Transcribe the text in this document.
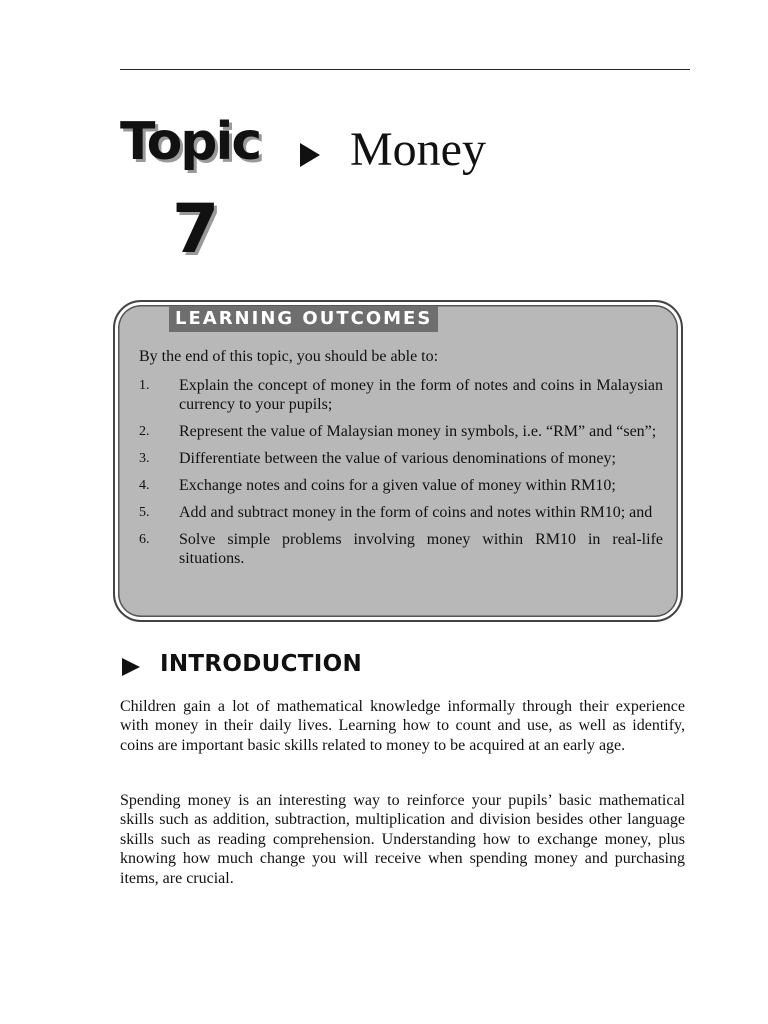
Topic
7
Money
LEARNING OUTCOMES
By the end of this topic, you should be able to:
1. Explain the concept of money in the form of notes and coins in Malaysian currency to your pupils;
2. Represent the value of Malaysian money in symbols, i.e. “RM” and “sen”;
3. Differentiate between the value of various denominations of money;
4. Exchange notes and coins for a given value of money within RM10;
5. Add and subtract money in the form of coins and notes within RM10; and
6. Solve simple problems involving money within RM10 in real-life situations.
INTRODUCTION

Children gain a lot of mathematical knowledge informally through their experience with money in their daily lives. Learning how to count and use, as well as identify, coins are important basic skills related to money to be acquired at an early age.

Spending money is an interesting way to reinforce your pupils’ basic mathematical skills such as addition, subtraction, multiplication and division besides other language skills such as reading comprehension. Understanding how to exchange money, plus knowing how much change you will receive when spending money and purchasing items, are crucial.
